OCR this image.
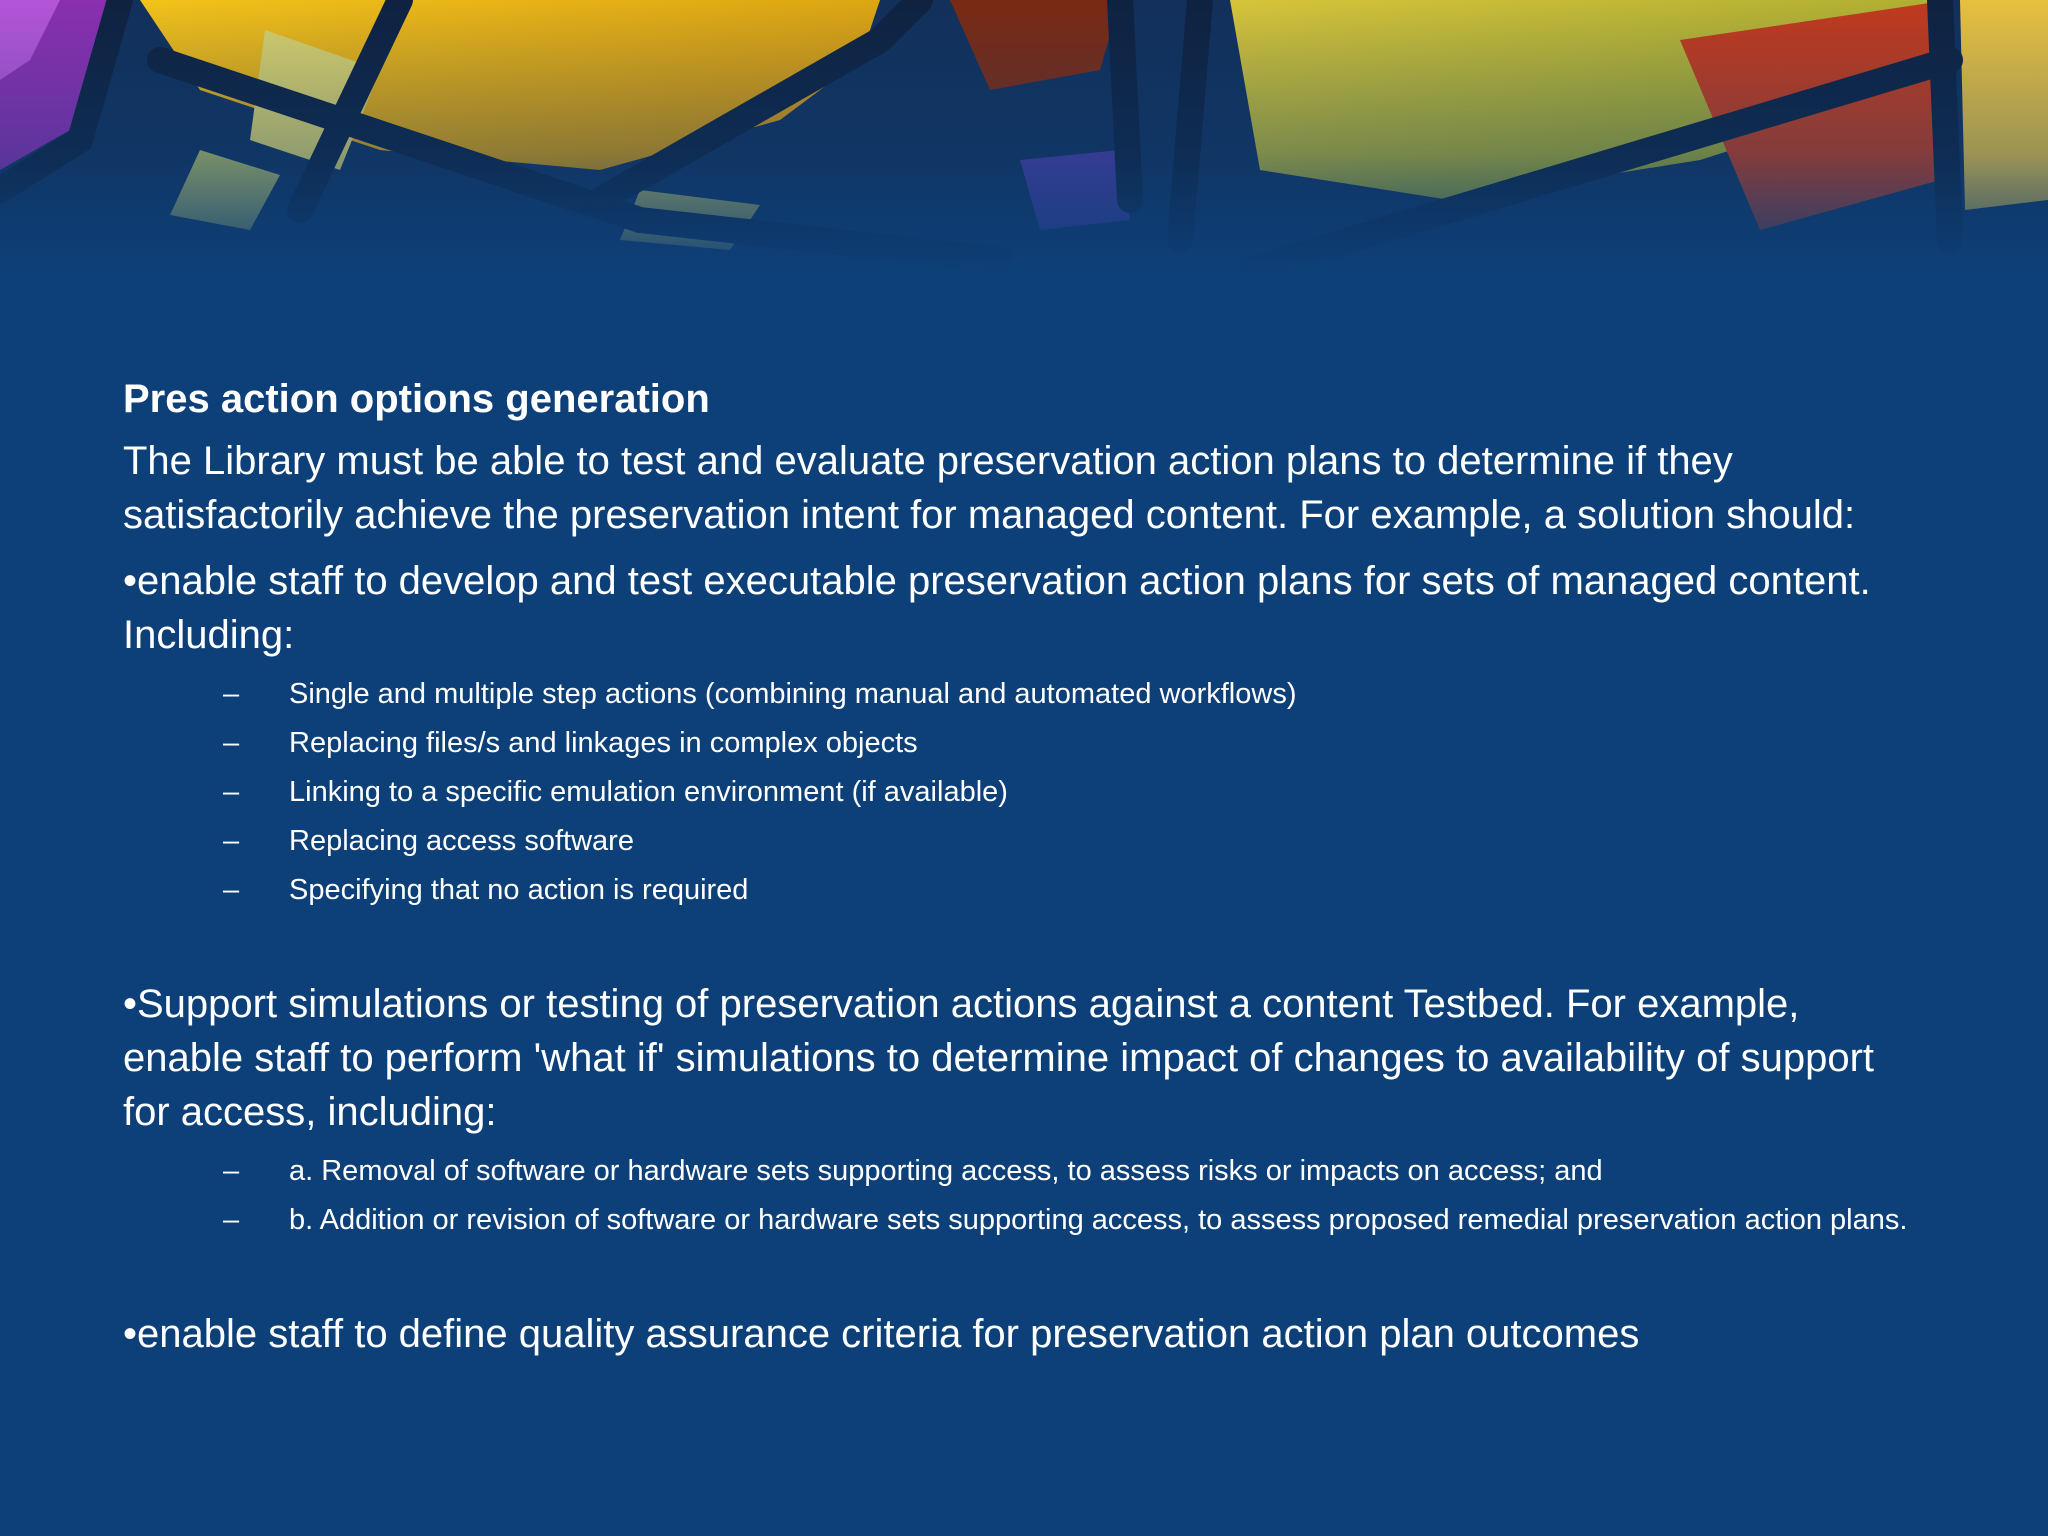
Pres action options generation
The Library must be able to test and evaluate preservation action plans to determine if they satisfactorily achieve the preservation intent for managed content. For example, a solution should:
•enable staff to develop and test executable preservation action plans for sets of managed content. Including:
– Single and multiple step actions (combining manual and automated workflows)
– Replacing files/s and linkages in complex objects
– Linking to a specific emulation environment (if available)
– Replacing access software
– Specifying that no action is required
•Support simulations or testing of preservation actions against a content Testbed. For example, enable staff to perform 'what if' simulations to determine impact of changes to availability of support for access, including:
– a. Removal of software or hardware sets supporting access, to assess risks or impacts on access; and
– b. Addition or revision of software or hardware sets supporting access, to assess proposed remedial preservation action plans.
•enable staff to define quality assurance criteria for preservation action plan outcomes
